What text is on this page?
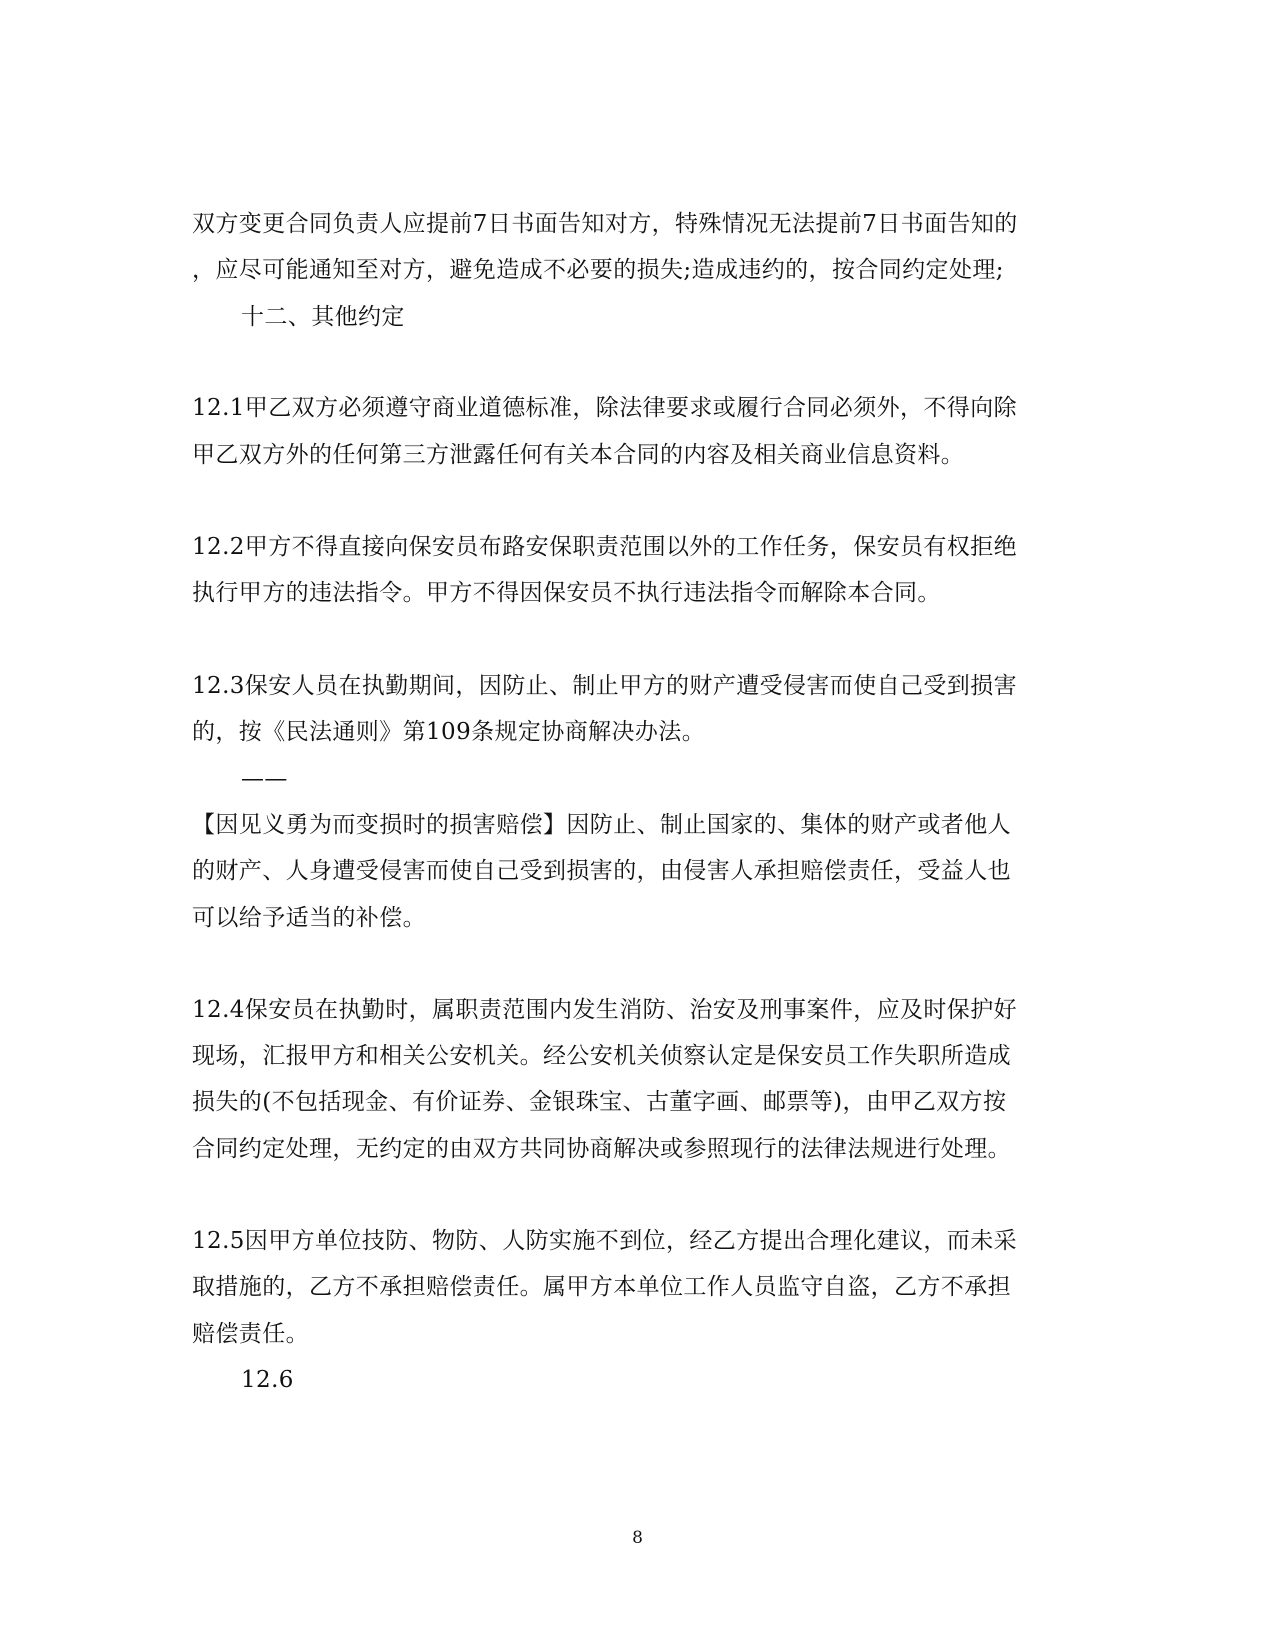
双方变更合同负责人应提前7日书面告知对方，特殊情况无法提前7日书面告知的
，应尽可能通知至对方，避免造成不必要的损失;造成违约的，按合同约定处理;
十二、其他约定
12.1甲乙双方必须遵守商业道德标准，除法律要求或履行合同必须外，不得向除
甲乙双方外的任何第三方泄露任何有关本合同的内容及相关商业信息资料。
12.2甲方不得直接向保安员布路安保职责范围以外的工作任务，保安员有权拒绝
执行甲方的违法指令。甲方不得因保安员不执行违法指令而解除本合同。
12.3保安人员在执勤期间，因防止、制止甲方的财产遭受侵害而使自己受到损害
的，按《民法通则》第109条规定协商解决办法。
——
【因见义勇为而变损时的损害赔偿】因防止、制止国家的、集体的财产或者他人
的财产、人身遭受侵害而使自己受到损害的，由侵害人承担赔偿责任，受益人也
可以给予适当的补偿。
12.4保安员在执勤时，属职责范围内发生消防、治安及刑事案件，应及时保护好
现场，汇报甲方和相关公安机关。经公安机关侦察认定是保安员工作失职所造成
损失的(不包括现金、有价证券、金银珠宝、古董字画、邮票等)，由甲乙双方按
合同约定处理，无约定的由双方共同协商解决或参照现行的法律法规进行处理。
12.5因甲方单位技防、物防、人防实施不到位，经乙方提出合理化建议，而未采
取措施的，乙方不承担赔偿责任。属甲方本单位工作人员监守自盗，乙方不承担
赔偿责任。
12.6
8
